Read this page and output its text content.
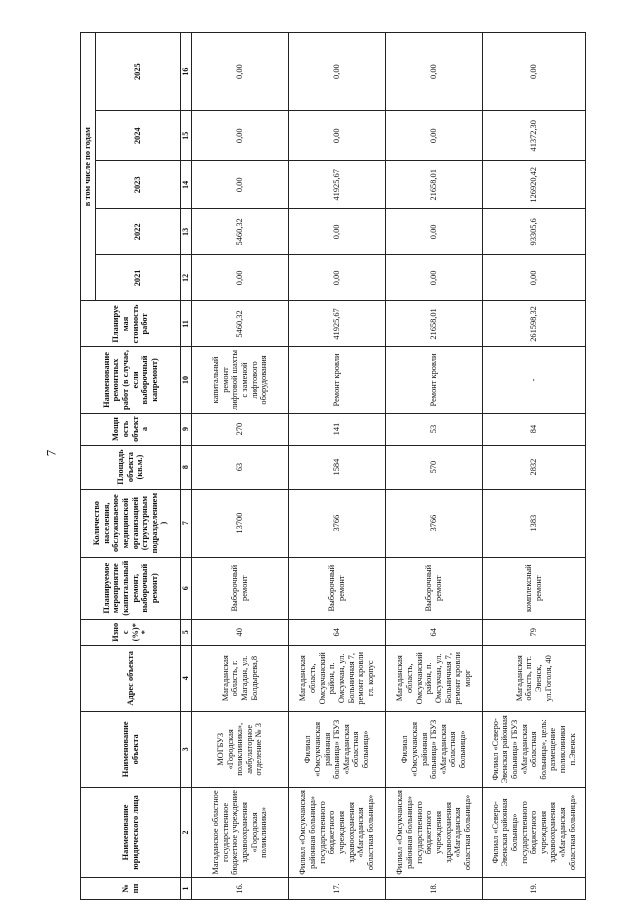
7
№ пп	Наименование юридического лица	Наименование объекта	Адрес объекта	Износ (%)**	Планируемое мероприятие (капитальный ремонт, выборочный ремонт)	Количество населения, обслуживаемое медицинской организацией (структурным подразделением)	Площадь объекта (кв.м.)	Мощность объекта	Наименование ремонтных работ (в случае, если выборочный капремонт)	Планируемая стоимость работ	в том числе по годам				
											2021	2022	2023	2024	2025
1	2	3	4	5	6	7	8	9	10	11	12	13	14	15	16
16.	Магаданское областное государственное бюджетное учреждение здравоохранения «Городская поликлиника»	МОГБУЗ «Городская поликлиника», амбулаторное отделение № 3	Магаданская область, г. Магадан, ул. Болдырева,8	40	Выборочный ремонт	13700	63	270	капитальный ремонт лифтовой шахты с заменой лифтового оборудования	5460,32	0,00	5460,32	0,00	0,00	0,00
17.	Филиал «Омсукчанская районная больница» государственного бюджетного учреждения здравоохранения «Магаданская областная больница»	Филиал «Омсукчанская районная больница» ГБУЗ «Магаданская областная больница»	Магаданская область, Омсукчанский район, п. Омсукчан, ул. Больничная 7, ремонт кровли гл. корпус	64	Выборочный ремонт	3766	1584	141	Ремонт кровли	41925,67	0,00	0,00	41925,67	0,00	0,00
18.	Филиал «Омсукчанская районная больница» государственного бюджетного учреждения здравоохранения «Магаданская областная больница»	Филиал «Омсукчанская районная больница» ГБУЗ «Магаданская областная больница»	Магаданская область, Омсукчанский район, п. Омсукчан, ул. Больничная 7, ремонт кровли морг	64	Выборочный ремонт	3766	570	53	Ремонт кровли	21658,01	0,00	0,00	21658,01	0,00	0,00
19.	Филиал «Северо-Эвенская районная больница» государственного бюджетного учреждения здравоохранения «Магаданская областная больница»	Филиал «Северо-Эвенская районная больница» ГБУЗ «Магаданская областная больница», цель: размещение поликлиники п.Эвенск	Магаданская область, пгт. Эвенск, ул.Гоголя, 40	79	комплексный ремонт	1383	2832	84	-	261598,32	0,00	93305,6	126920,42	41372,30	0,00
